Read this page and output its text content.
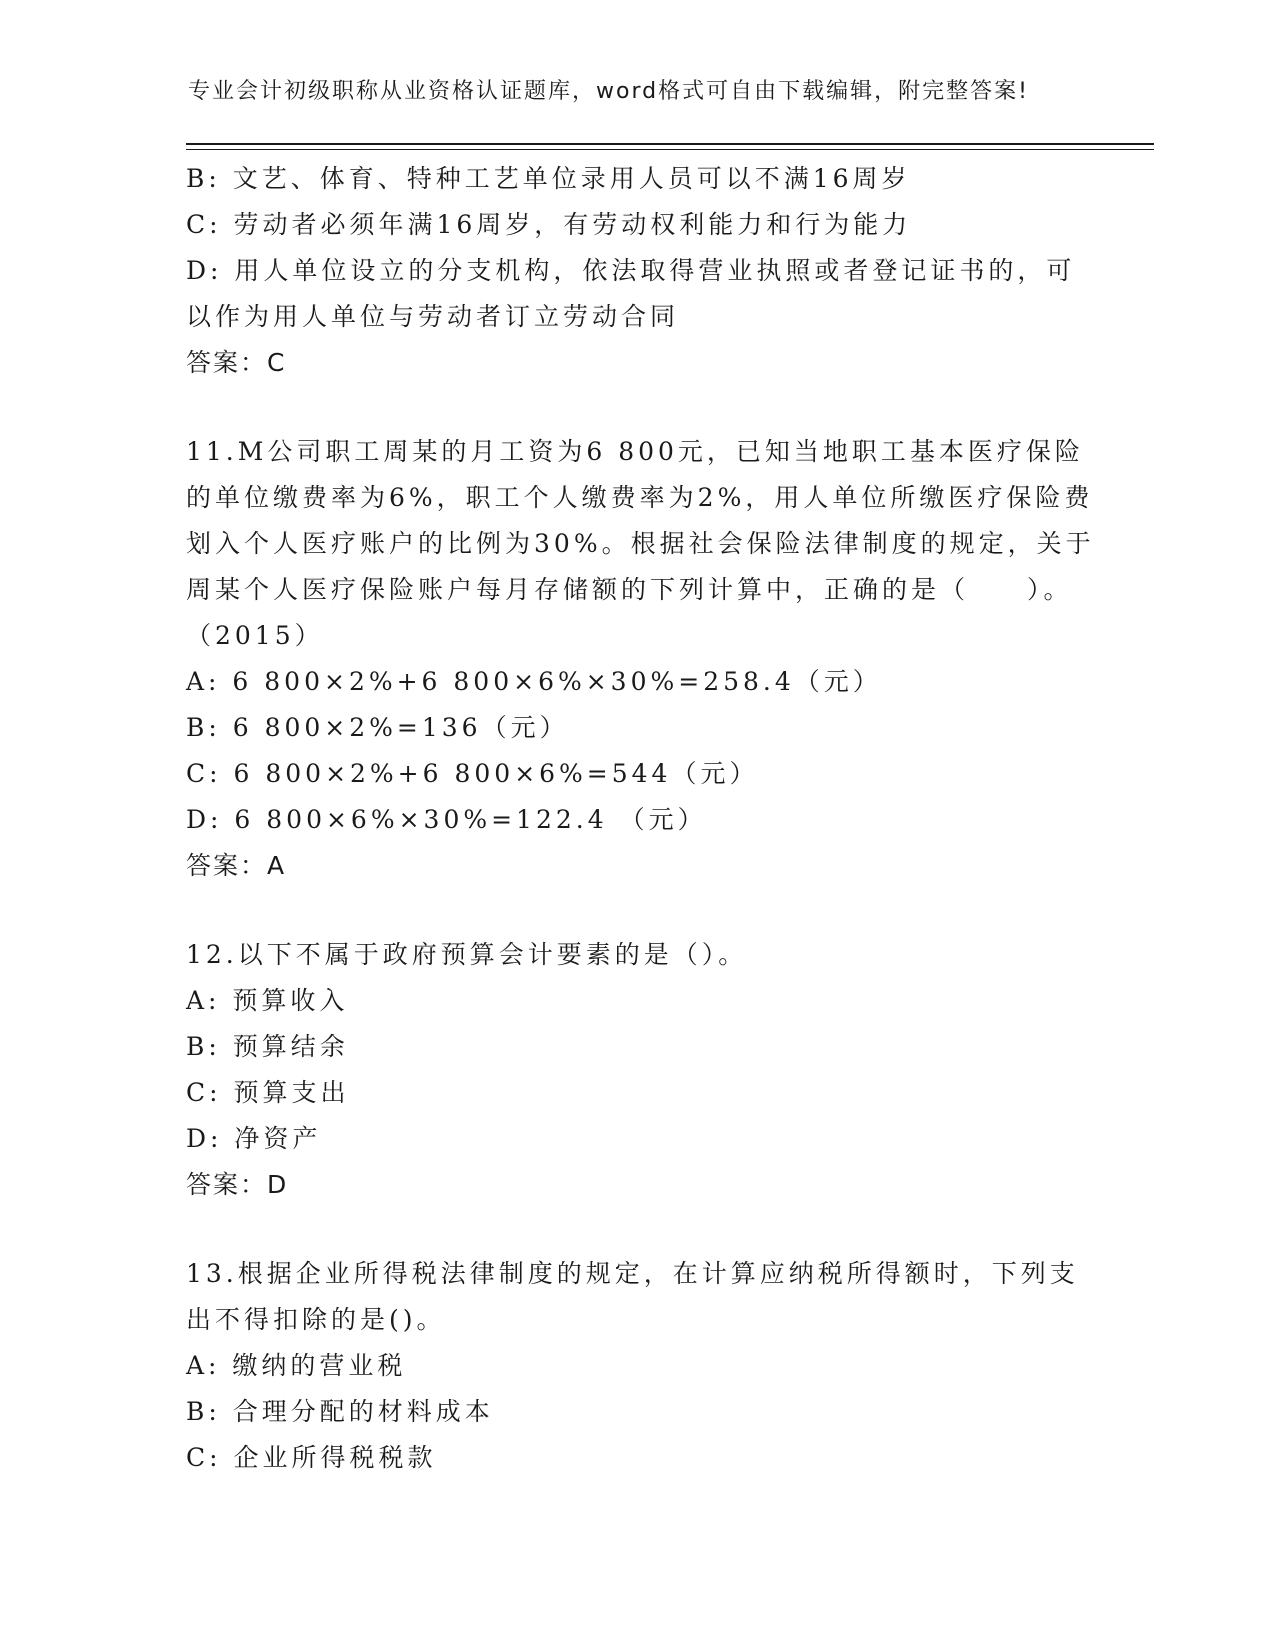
专业会计初级职称从业资格认证题库，word格式可自由下载编辑，附完整答案!
B: 文艺、体育、特种工艺单位录用人员可以不满16周岁
C: 劳动者必须年满16周岁，有劳动权利能力和行为能力
D: 用人单位设立的分支机构，依法取得营业执照或者登记证书的，可
以作为用人单位与劳动者订立劳动合同
答案：C
11.M公司职工周某的月工资为6 800元，已知当地职工基本医疗保险
的单位缴费率为6%，职工个人缴费率为2%，用人单位所缴医疗保险费
划入个人医疗账户的比例为30%。根据社会保险法律制度的规定，关于
周某个人医疗保险账户每月存储额的下列计算中，正确的是（　　）。
（2015）
A: 6 800×2%+6 800×6%×30%=258.4（元）
B: 6 800×2%=136（元）
C: 6 800×2%+6 800×6%=544（元）
D: 6 800×6%×30%=122.4 （元）
答案：A
12.以下不属于政府预算会计要素的是（）。
A: 预算收入
B: 预算结余
C: 预算支出
D: 净资产
答案：D
13.根据企业所得税法律制度的规定，在计算应纳税所得额时，下列支
出不得扣除的是()。
A: 缴纳的营业税
B: 合理分配的材料成本
C: 企业所得税税款
